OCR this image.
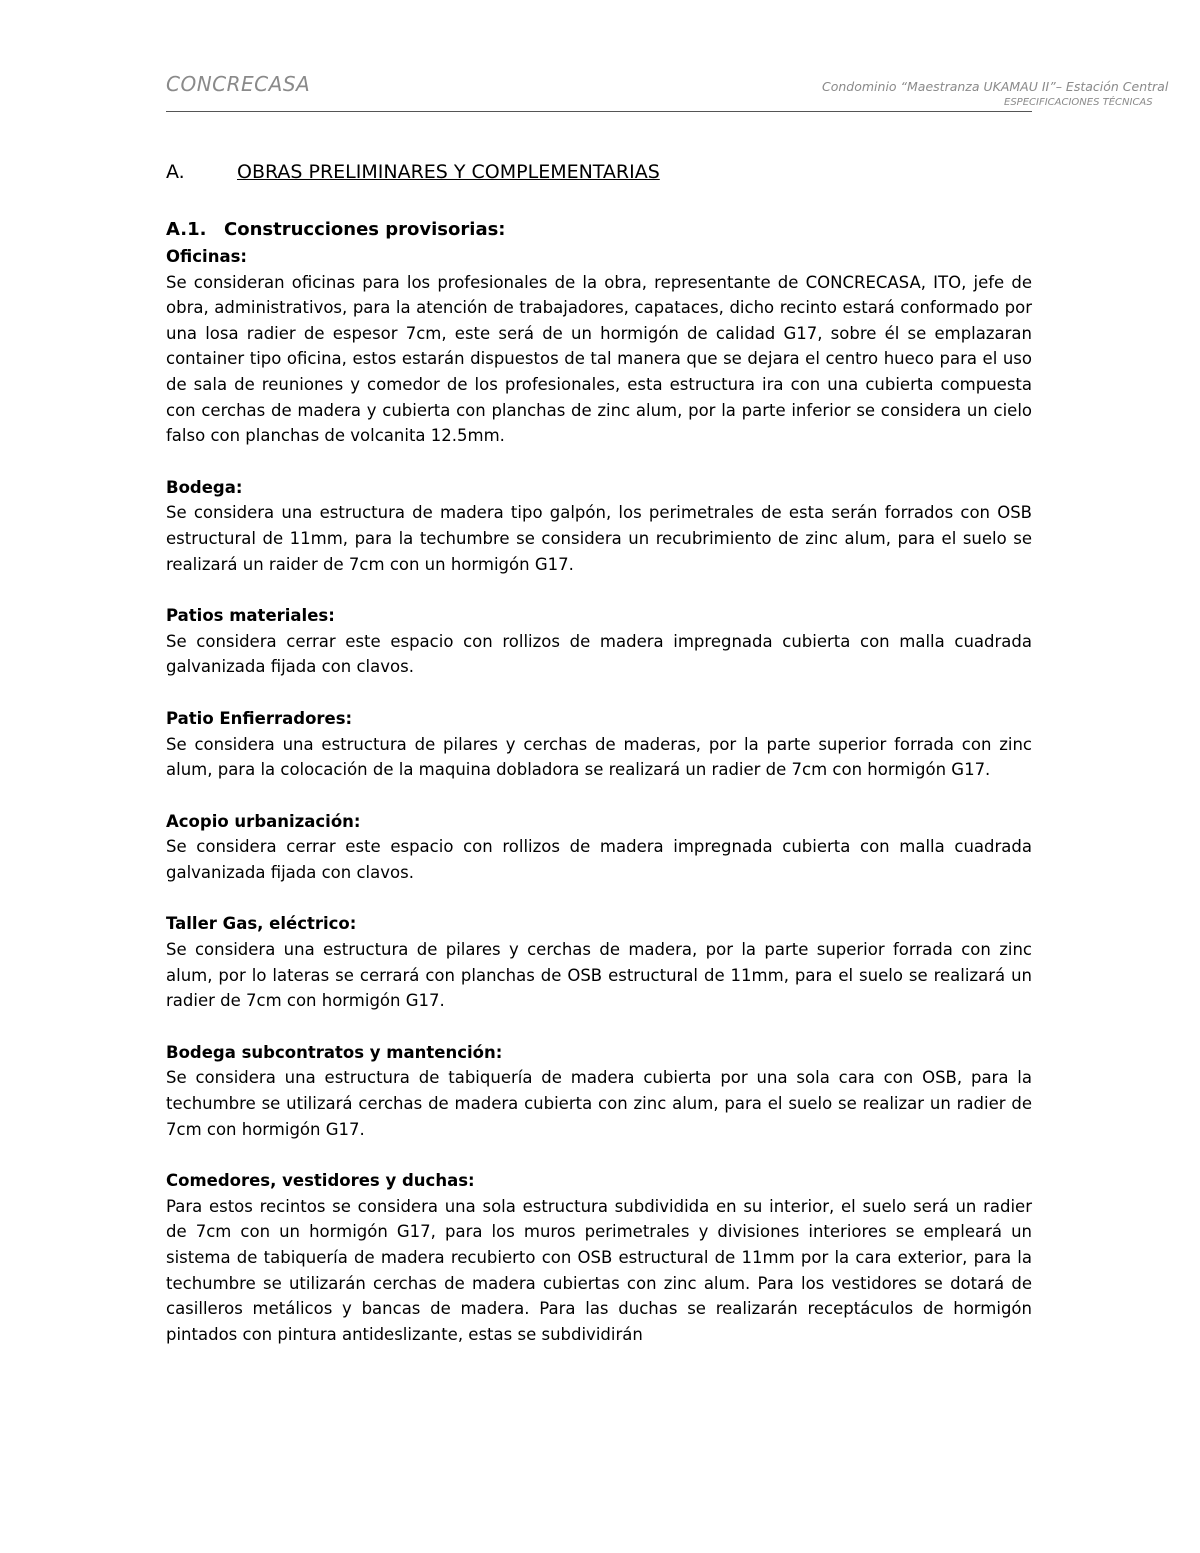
CONCRECASA	Condominio “Maestranza UKAMAU II”– Estación Central
ESPECIFICACIONES TÉCNICAS
A.	OBRAS PRELIMINARES Y COMPLEMENTARIAS
A.1. Construcciones provisorias:

Oficinas:

Se consideran oficinas para los profesionales de la obra, representante de CONCRECASA, ITO, jefe de obra, administrativos, para la atención de trabajadores, capataces, dicho recinto estará conformado por una losa radier de espesor 7cm, este será de un hormigón de calidad G17, sobre él se emplazaran container tipo oficina, estos estarán dispuestos de tal manera que se dejara el centro hueco para el uso de sala de reuniones y comedor de los profesionales, esta estructura ira con una cubierta compuesta con cerchas de madera y cubierta con planchas de zinc alum, por la parte inferior se considera un cielo falso con planchas de volcanita 12.5mm.

Bodega:

Se considera una estructura de madera tipo galpón, los perimetrales de esta serán forrados con OSB estructural de 11mm, para la techumbre se considera un recubrimiento de zinc alum, para el suelo se realizará un raider de 7cm con un hormigón G17.

Patios materiales:

Se considera cerrar este espacio con rollizos de madera impregnada cubierta con malla cuadrada galvanizada fijada con clavos.

Patio Enfierradores:

Se considera una estructura de pilares y cerchas de maderas, por la parte superior forrada con zinc alum, para la colocación de la maquina dobladora se realizará un radier de 7cm con hormigón G17.

Acopio urbanización:

Se considera cerrar este espacio con rollizos de madera impregnada cubierta con malla cuadrada galvanizada fijada con clavos.

Taller Gas, eléctrico:

Se considera una estructura de pilares y cerchas de madera, por la parte superior forrada con zinc alum, por lo lateras se cerrará con planchas de OSB estructural de 11mm, para el suelo se realizará un radier de 7cm con hormigón G17.

Bodega subcontratos y mantención:

Se considera una estructura de tabiquería de madera cubierta por una sola cara con OSB, para la techumbre se utilizará cerchas de madera cubierta con zinc alum, para el suelo se realizar un radier de 7cm con hormigón G17.

Comedores, vestidores y duchas:

Para estos recintos se considera una sola estructura subdividida en su interior, el suelo será un radier de 7cm con un hormigón G17, para los muros perimetrales y divisiones interiores se empleará un sistema de tabiquería de madera recubierto con OSB estructural de 11mm por la cara exterior, para la techumbre se utilizarán cerchas de madera cubiertas con zinc alum. Para los vestidores se dotará de casilleros metálicos y bancas de madera. Para las duchas se realizarán receptáculos de hormigón pintados con pintura antideslizante, estas se subdividirán
